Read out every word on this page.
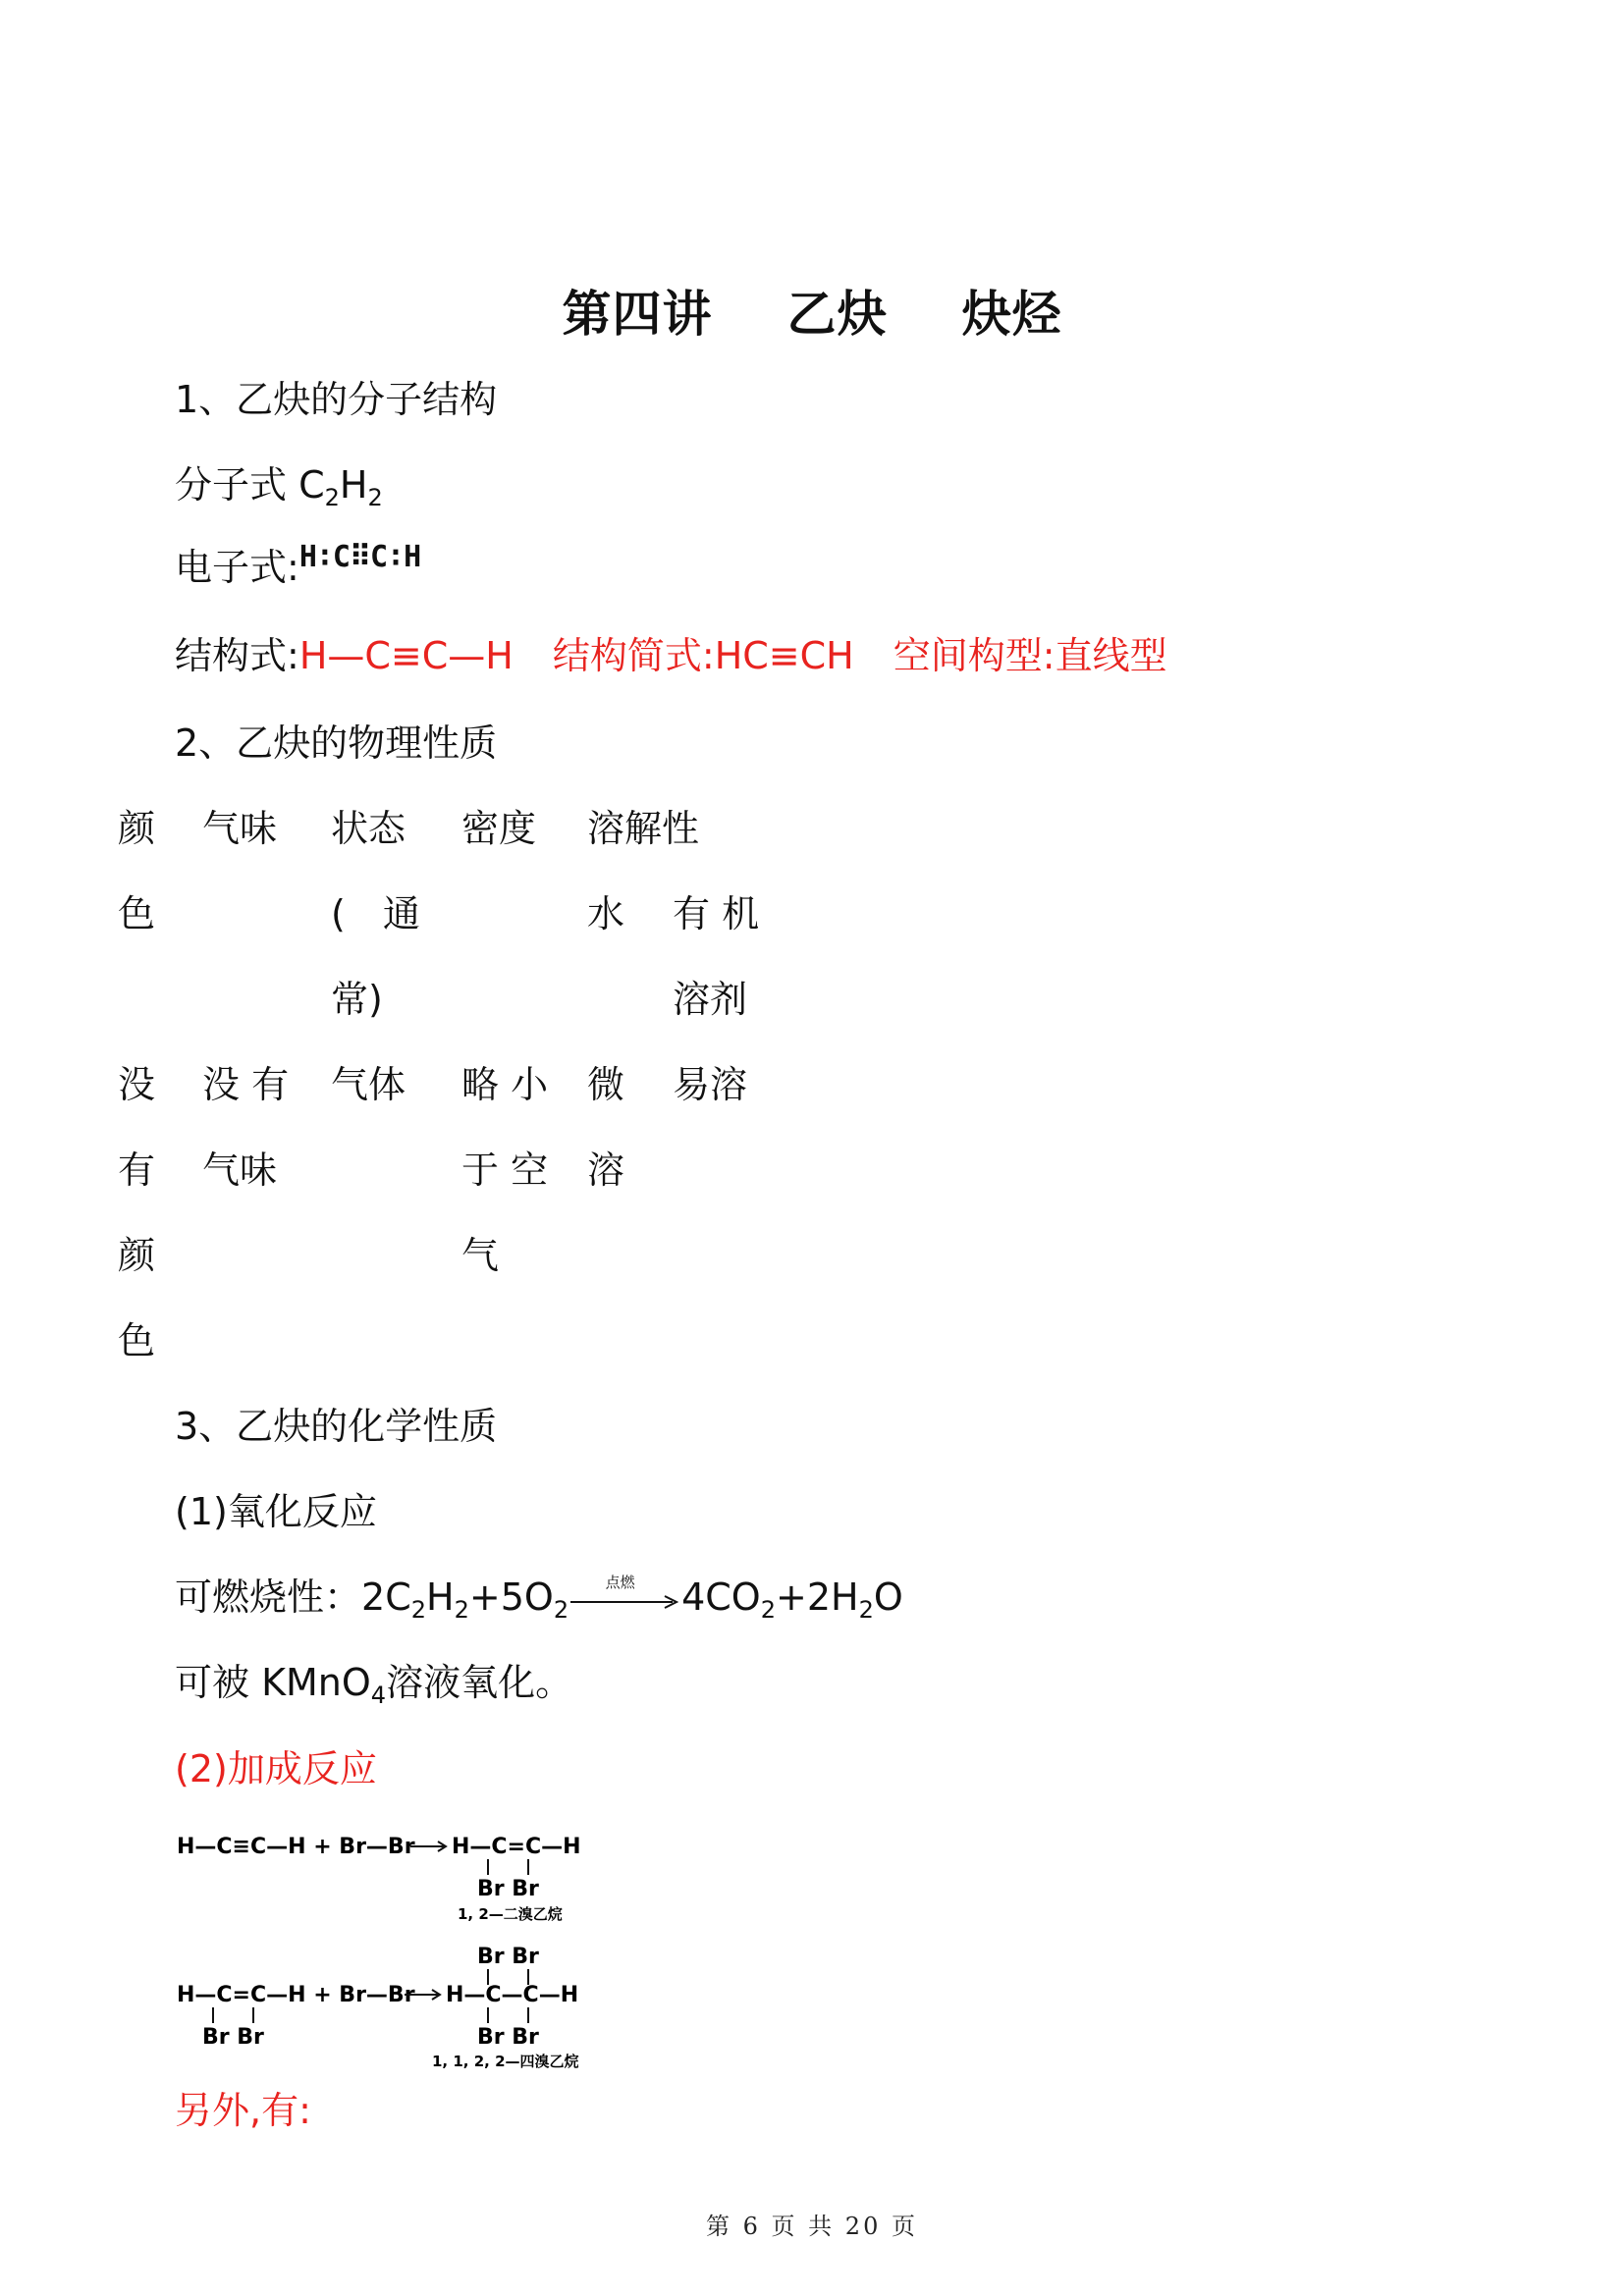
第四讲 乙炔 炔烃
1、乙炔的分子结构
分子式 $C_2H_2$
电子式:$^{H∶C⠿C∶H}$
结构式:H—C≡C—H 结构简式:HC≡CH 空间构型:直线型
2、乙炔的物理性质
颜
色
气味 状态
(　通
常)
密度 溶解性
水 有 机
溶剂
没
有
颜
色
没 有
气味
气体 略 小
于 空
气
微
溶
易溶
3、乙炔的化学性质
(1)氧化反应
可燃烧性：$2C_2H_2+5O_2$
点燃	$4CO_2+2H_2O$
可被 KMnO$_4$溶液氧化。
(2)加成反应
H—C≡C—H + Br—Br H—C=C—H
Br Br
1, 2—二溴乙烷
Br Br
H—C=C—H + Br—Br
Br Br
H—C—C—H
Br Br
1, 1, 2, 2—四溴乙烷
另外,有:
第 6 页 共 20 页
